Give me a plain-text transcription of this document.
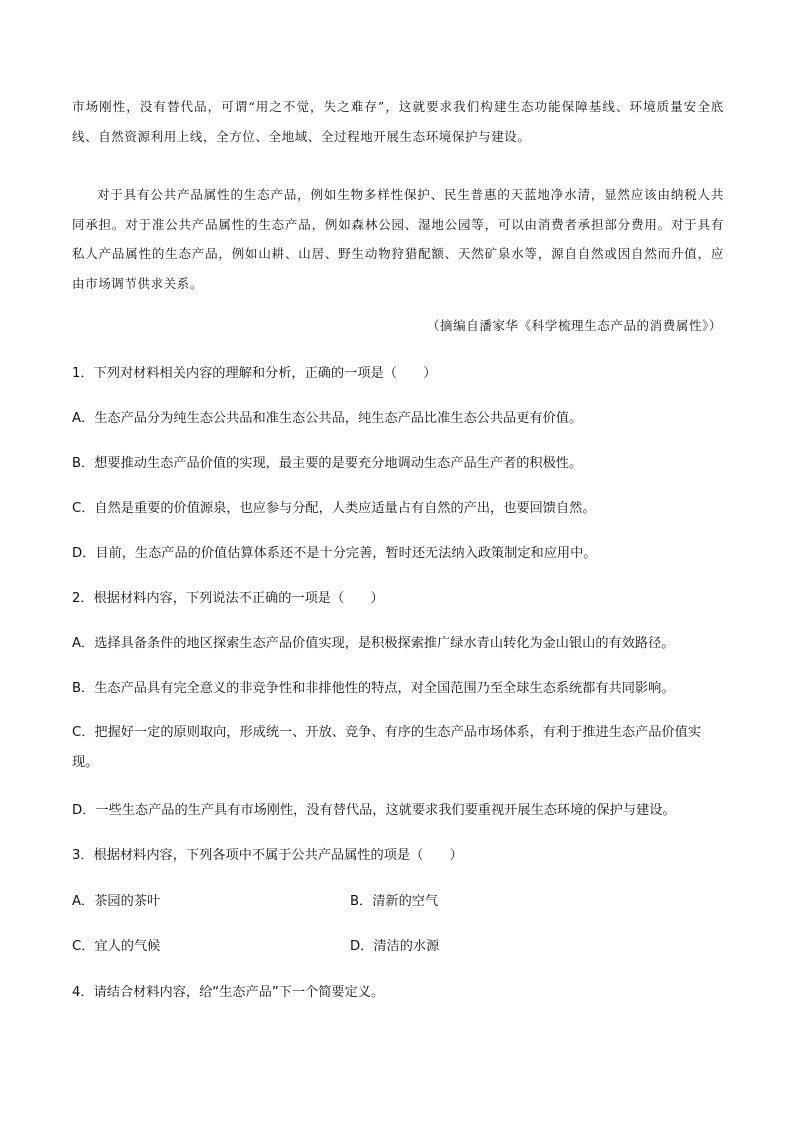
市场刚性，没有替代品，可谓“用之不觉，失之难存”，这就要求我们构建生态功能保障基线、环境质量安全底线、自然资源利用上线，全方位、全地域、全过程地开展生态环境保护与建设。

对于具有公共产品属性的生态产品，例如生物多样性保护、民生普惠的天蓝地净水清，显然应该由纳税人共同承担。对于准公共产品属性的生态产品，例如森林公园、湿地公园等，可以由消费者承担部分费用。对于具有私人产品属性的生态产品，例如山耕、山居、野生动物狩猎配额、天然矿泉水等，源自自然或因自然而升值，应由市场调节供求关系。

（摘编自潘家华《科学梳理生态产品的消费属性》）

1．下列对材料相关内容的理解和分析，正确的一项是（　　）

A．生态产品分为纯生态公共品和准生态公共品，纯生态产品比准生态公共品更有价值。

B．想要推动生态产品价值的实现，最主要的是要充分地调动生态产品生产者的积极性。

C．自然是重要的价值源泉，也应参与分配，人类应适量占有自然的产出，也要回馈自然。

D．目前，生态产品的价值估算体系还不是十分完善，暂时还无法纳入政策制定和应用中。

2．根据材料内容，下列说法不正确的一项是（　　）

A．选择具备条件的地区探索生态产品价值实现，是积极探索推广绿水青山转化为金山银山的有效路径。

B．生态产品具有完全意义的非竞争性和非排他性的特点，对全国范围乃至全球生态系统都有共同影响。

C．把握好一定的原则取向，形成统一、开放、竞争、有序的生态产品市场体系，有利于推进生态产品价值实现。

D．一些生态产品的生产具有市场刚性，没有替代品，这就要求我们要重视开展生态环境的保护与建设。

3．根据材料内容，下列各项中不属于公共产品属性的项是（　　）

A．茶园的茶叶	B．清新的空气
C．宜人的气候	D．清洁的水源

4．请结合材料内容，给“生态产品”下一个简要定义。
